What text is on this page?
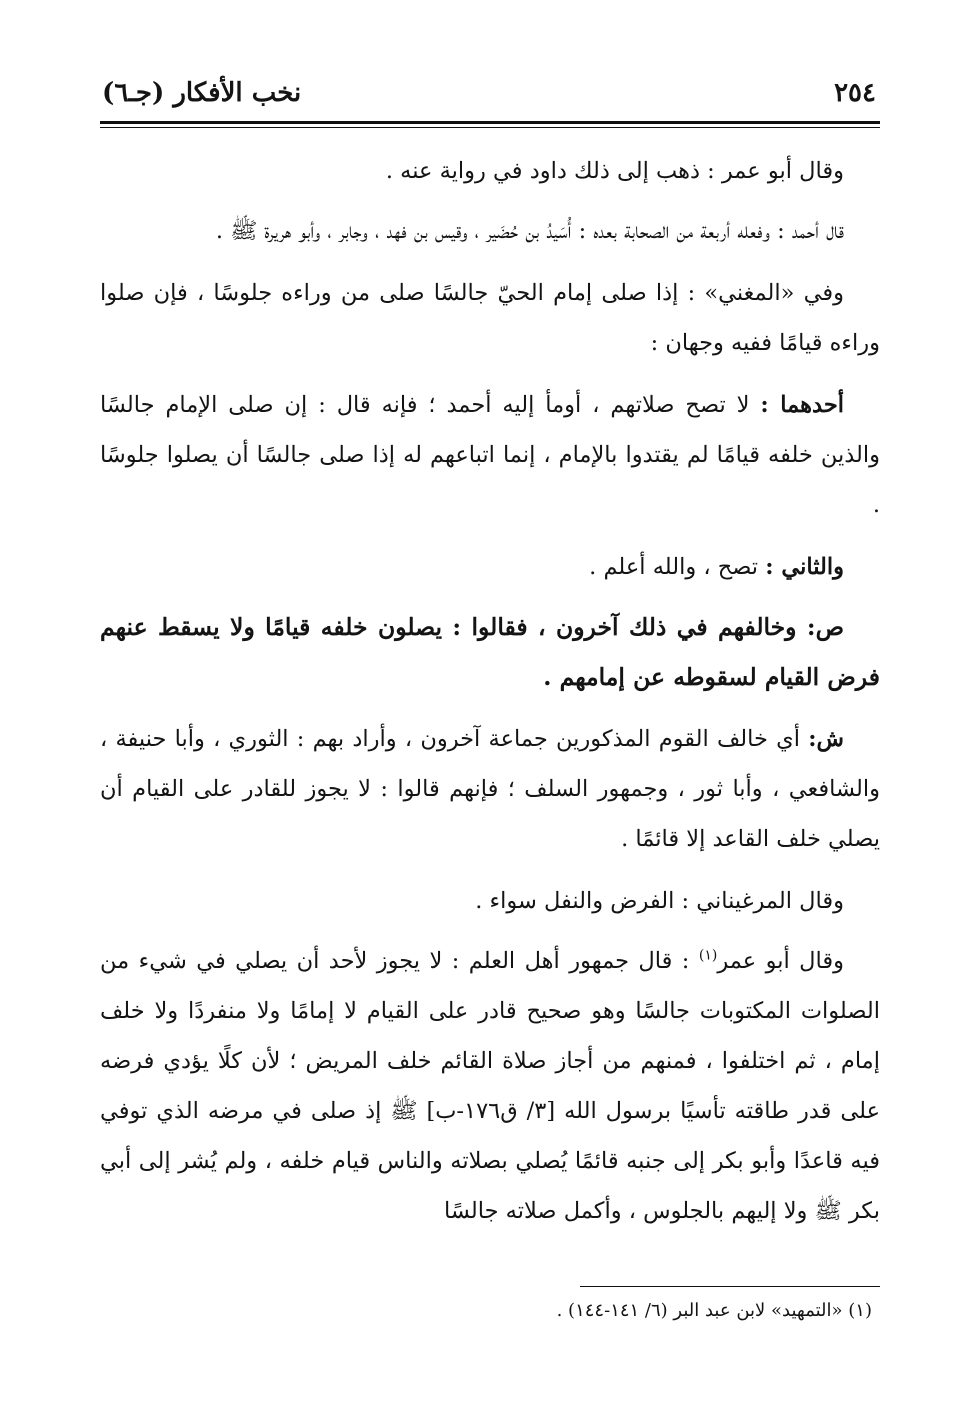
٢٥٤
نخب الأفكار (جـ٦)

وقال أبو عمر : ذهب إلى ذلك داود في رواية عنه .

قال أحمد : وفعله أربعة من الصحابة بعده : أُسَيدُ بن حُضَير ، وقيس بن فهد ، وجابر ، وأبو هريرة ﷺ .

وفي «المغني» : إذا صلى إمام الحيّ جالسًا صلى من وراءه جلوسًا ، فإن صلوا وراءه قيامًا ففيه وجهان :

أحدهما : لا تصح صلاتهم ، أومأ إليه أحمد ؛ فإنه قال : إن صلى الإمام جالسًا والذين خلفه قيامًا لم يقتدوا بالإمام ، إنما اتباعهم له إذا صلى جالسًا أن يصلوا جلوسًا .

والثاني : تصح ، والله أعلم .

ص: وخالفهم في ذلك آخرون ، فقالوا : يصلون خلفه قيامًا ولا يسقط عنهم فرض القيام لسقوطه عن إمامهم .

ش: أي خالف القوم المذكورين جماعة آخرون ، وأراد بهم : الثوري ، وأبا حنيفة ، والشافعي ، وأبا ثور ، وجمهور السلف ؛ فإنهم قالوا : لا يجوز للقادر على القيام أن يصلي خلف القاعد إلا قائمًا .

وقال المرغيناني : الفرض والنفل سواء .

وقال أبو عمر$^{(١)}$ : قال جمهور أهل العلم : لا يجوز لأحد أن يصلي في شيء من الصلوات المكتوبات جالسًا وهو صحيح قادر على القيام لا إمامًا ولا منفردًا ولا خلف إمام ، ثم اختلفوا ، فمنهم من أجاز صلاة القائم خلف المريض ؛ لأن كلًا يؤدي فرضه على قدر طاقته تأسيًا برسول الله [٣/ ق١٧٦-ب] ﷺ إذ صلى في مرضه الذي توفي فيه قاعدًا وأبو بكر إلى جنبه قائمًا يُصلي بصلاته والناس قيام خلفه ، ولم يُشر إلى أبي بكر ﷺ ولا إليهم بالجلوس ، وأكمل صلاته جالسًا

(١) «التمهيد» لابن عبد البر (٦/ ١٤١-١٤٤) .
